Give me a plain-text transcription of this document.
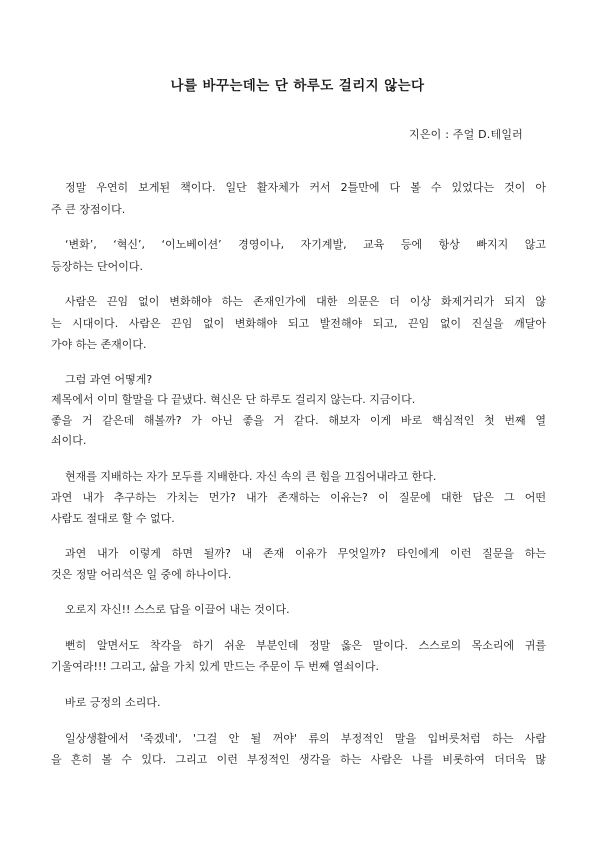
나를 바꾸는데는 단 하루도 걸리지 않는다
지은이 : 주얼 D.테일러
정말 우연히 보게된 책이다. 일단 활자체가 커서 2틀만에 다 볼 수 있었다는 것이 아
주 큰 장점이다.
‘변화’, ‘혁신’, ‘이노베이션’ 경영이나, 자기계발, 교육 등에 항상 빠지지 않고
등장하는 단어이다.
사람은 끈임 없이 변화해야 하는 존재인가에 대한 의문은 더 이상 화제거리가 되지 않
는 시대이다. 사람은 끈임 없이 변화해야 되고 발전해야 되고, 끈임 없이 진실을 깨달아
가야 하는 존재이다.
그럼 과연 어떻게?
제목에서 이미 할말을 다 끝냈다. 혁신은 단 하루도 걸리지 않는다. 지금이다.
좋을 거 같은데 해볼까? 가 아닌 좋을 거 같다. 해보자 이게 바로 핵심적인 첫 번째 열
쇠이다.
현재를 지배하는 자가 모두를 지배한다. 자신 속의 큰 힘을 끄집어내라고 한다.
과연 내가 추구하는 가치는 먼가? 내가 존재하는 이유는? 이 질문에 대한 답은 그 어떤
사람도 절대로 할 수 없다.
과연 내가 이렇게 하면 될까? 내 존재 이유가 무엇일까? 타인에게 이런 질문을 하는
것은 정말 어리석은 일 중에 하나이다.
오로지 자신!! 스스로 답을 이끌어 내는 것이다.
뻔히 알면서도 착각을 하기 쉬운 부분인데 정말 옳은 말이다. 스스로의 목소리에 귀를
기울여라!!! 그리고, 삶을 가치 있게 만드는 주문이 두 번째 열쇠이다.
바로 긍정의 소리다.
일상생활에서 '죽겠네', '그걸 안 될 꺼야' 류의 부정적인 말을 입버릇처럼 하는 사람
을 흔히 볼 수 있다. 그리고 이런 부정적인 생각을 하는 사람은 나를 비롯하여 더더욱 많
